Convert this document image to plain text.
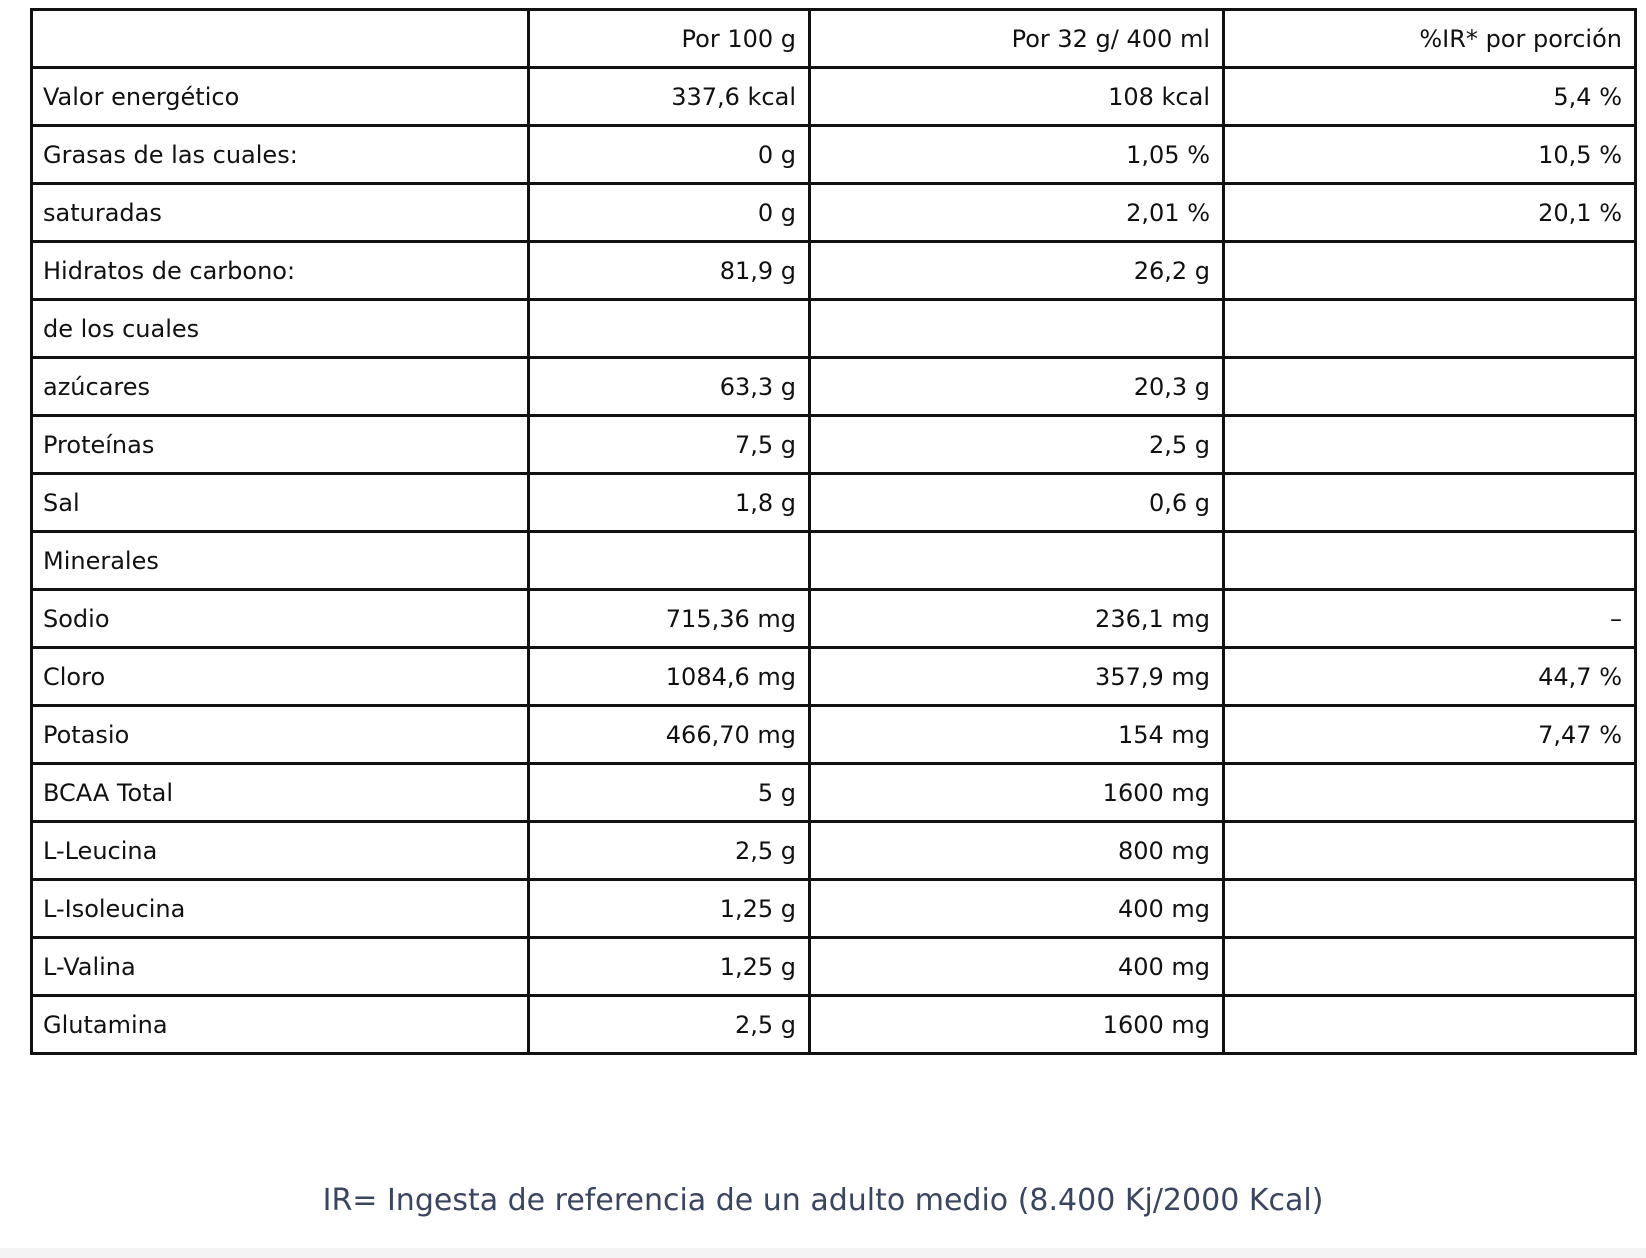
	Por 100 g	Por 32 g/ 400 ml	%IR* por porción
Valor energético	337,6 kcal	108 kcal	5,4 %
Grasas de las cuales:	0 g	1,05 %	10,5 %
saturadas	0 g	2,01 %	20,1 %
Hidratos de carbono:	81,9 g	26,2 g	
de los cuales			
azúcares	63,3 g	20,3 g	
Proteínas	7,5 g	2,5 g	
Sal	1,8 g	0,6 g	
Minerales			
Sodio	715,36 mg	236,1 mg	–
Cloro	1084,6 mg	357,9 mg	44,7 %
Potasio	466,70 mg	154 mg	7,47 %
BCAA Total	5 g	1600 mg	
L-Leucina	2,5 g	800 mg	
L-Isoleucina	1,25 g	400 mg	
L-Valina	1,25 g	400 mg	
Glutamina	2,5 g	1600 mg	
IR= Ingesta de referencia de un adulto medio (8.400 Kj/2000 Kcal)
